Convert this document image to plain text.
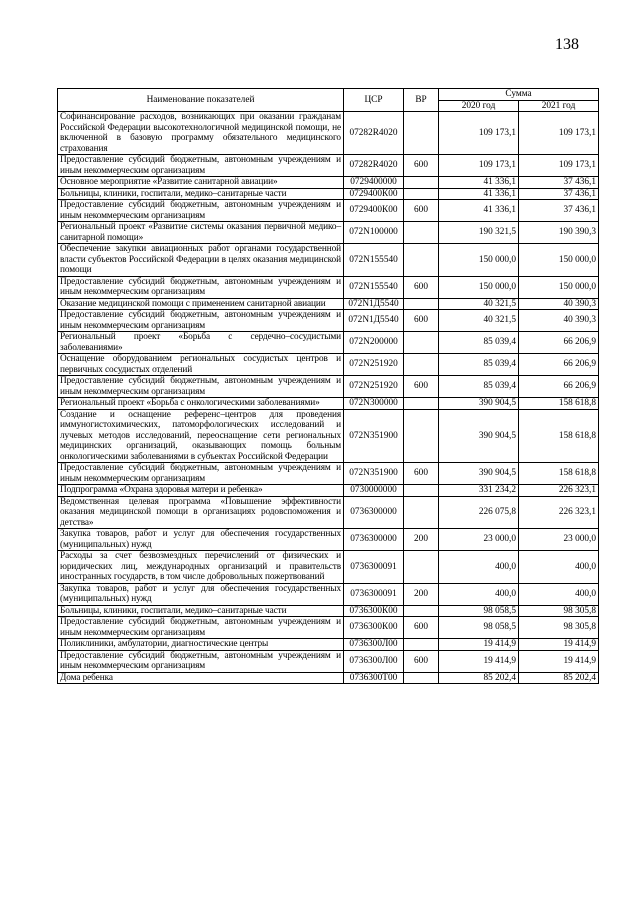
138
Наименование показателей	ЦСР	ВР	Сумма	
			2020 год	2021 год
Софинансирование расходов, возникающих при оказании гражданам Российской Федерации высокотехнологичной медицинской помощи, не включенной в базовую программу обязательного медицинского страхования	07282R4020		109 173,1	109 173,1
Предоставление субсидий бюджетным, автономным учреждениям и иным некоммерческим организациям	07282R4020	600	109 173,1	109 173,1
Основное мероприятие «Развитие санитарной авиации»	0729400000		41 336,1	37 436,1
Больницы, клиники, госпитали, медико–санитарные части	0729400К00		41 336,1	37 436,1
Предоставление субсидий бюджетным, автономным учреждениям и иным некоммерческим организациям	0729400К00	600	41 336,1	37 436,1
Региональный проект «Развитие системы оказания первичной медико–санитарной помощи»	072N100000		190 321,5	190 390,3
Обеспечение закупки авиационных работ органами государственной власти субъектов Российской Федерации в целях оказания медицинской помощи	072N155540		150 000,0	150 000,0
Предоставление субсидий бюджетным, автономным учреждениям и иным некоммерческим организациям	072N155540	600	150 000,0	150 000,0
Оказание медицинской помощи с применением санитарной авиации	072N1Д5540		40 321,5	40 390,3
Предоставление субсидий бюджетным, автономным учреждениям и иным некоммерческим организациям	072N1Д5540	600	40 321,5	40 390,3
Региональный проект «Борьба с сердечно–сосудистыми заболеваниями»	072N200000		85 039,4	66 206,9
Оснащение оборудованием региональных сосудистых центров и первичных сосудистых отделений	072N251920		85 039,4	66 206,9
Предоставление субсидий бюджетным, автономным учреждениям и иным некоммерческим организациям	072N251920	600	85 039,4	66 206,9
Региональный проект «Борьба с онкологическими заболеваниями»	072N300000		390 904,5	158 618,8
Создание и оснащение референс–центров для проведения иммуногистохимических, патоморфологических исследований и лучевых методов исследований, переоснащение сети региональных медицинских организаций, оказывающих помощь больным онкологическими заболеваниями в субъектах Российской Федерации	072N351900		390 904,5	158 618,8
Предоставление субсидий бюджетным, автономным учреждениям и иным некоммерческим организациям	072N351900	600	390 904,5	158 618,8
Подпрограмма «Охрана здоровья матери и ребенка»	0730000000		331 234,2	226 323,1
Ведомственная целевая программа «Повышение эффективности оказания медицинской помощи в организациях родовспоможения и детства»	0736300000		226 075,8	226 323,1
Закупка товаров, работ и услуг для обеспечения государственных (муниципальных) нужд	0736300000	200	23 000,0	23 000,0
Расходы за счет безвозмездных перечислений от физических и юридических лиц, международных организаций и правительств иностранных государств, в том числе добровольных пожертвований	0736300091		400,0	400,0
Закупка товаров, работ и услуг для обеспечения государственных (муниципальных) нужд	0736300091	200	400,0	400,0
Больницы, клиники, госпитали, медико–санитарные части	0736300К00		98 058,5	98 305,8
Предоставление субсидий бюджетным, автономным учреждениям и иным некоммерческим организациям	0736300К00	600	98 058,5	98 305,8
Поликлиники, амбулатории, диагностические центры	0736300Л00		19 414,9	19 414,9
Предоставление субсидий бюджетным, автономным учреждениям и иным некоммерческим организациям	0736300Л00	600	19 414,9	19 414,9
Дома ребенка	0736300Т00		85 202,4	85 202,4
